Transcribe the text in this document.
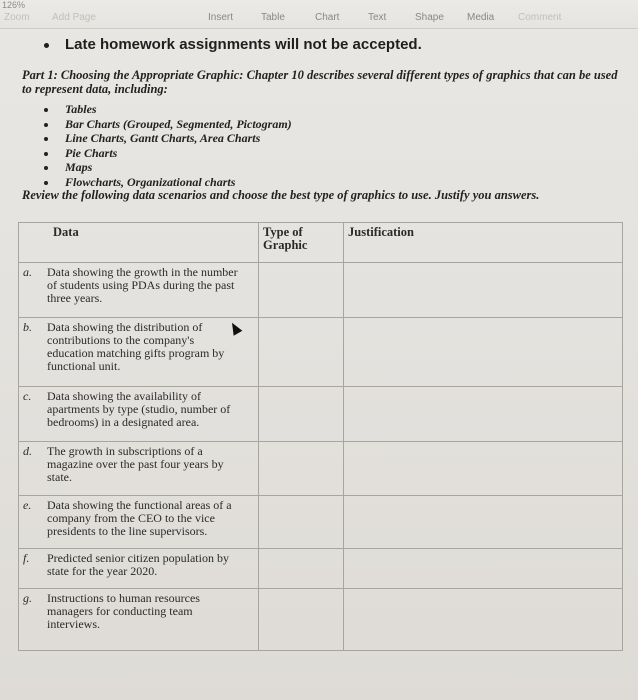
126%
Zoom Add Page	Insert	Table	Chart	Text	Shape Media Comment
Late homework assignments will not be accepted.
Part 1: Choosing the Appropriate Graphic: Chapter 10 describes several different types of graphics that can be used to represent data, including:
Tables
Bar Charts (Grouped, Segmented, Pictogram)
Line Charts, Gantt Charts, Area Charts
Pie Charts
Maps
Flowcharts, Organizational charts
Review the following data scenarios and choose the best type of graphics to use. Justify you answers.
Data	Type of Graphic	Justification
a. Data showing the growth in the number of students using PDAs during the past three years.		
b. Data showing the distribution of contributions to the company's education matching gifts program by functional unit.		
c. Data showing the availability of apartments by type (studio, number of bedrooms) in a designated area.		
d. The growth in subscriptions of a magazine over the past four years by state.		
e. Data showing the functional areas of a company from the CEO to the vice presidents to the line supervisors.		
f. Predicted senior citizen population by state for the year 2020.		
g. Instructions to human resources managers for conducting team interviews.		
